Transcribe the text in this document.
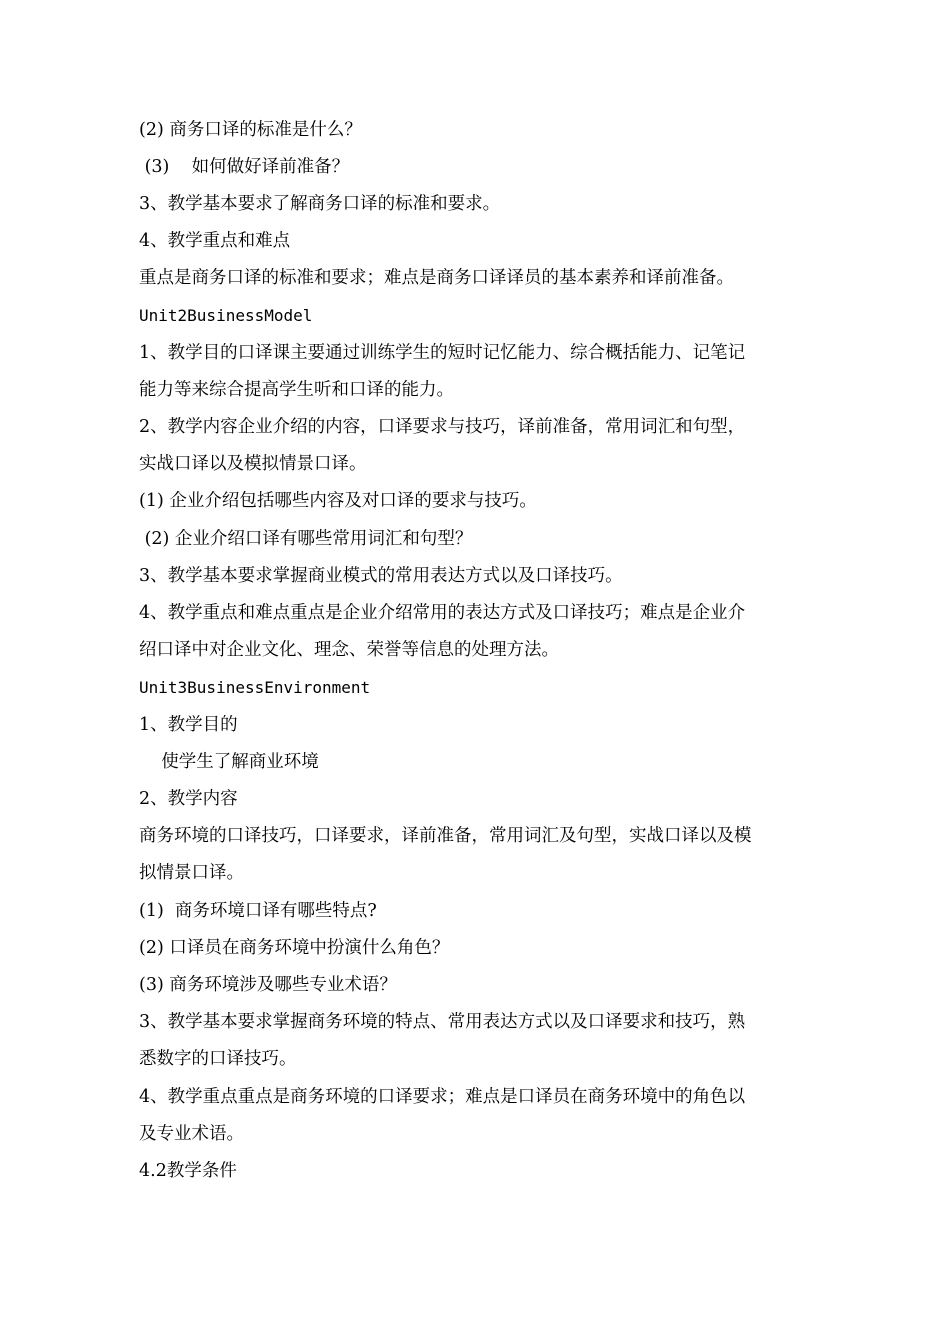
(2) 商务口译的标准是什么？
(3)    如何做好译前准备？
3、教学基本要求了解商务口译的标准和要求。
4、教学重点和难点
重点是商务口译的标准和要求；难点是商务口译译员的基本素养和译前准备。
Unit2BusinessModel
1、教学目的口译课主要通过训练学生的短时记忆能力、综合概括能力、记笔记
能力等来综合提高学生听和口译的能力。
2、教学内容企业介绍的内容，口译要求与技巧，译前准备，常用词汇和句型，
实战口译以及模拟情景口译。
(1) 企业介绍包括哪些内容及对口译的要求与技巧。
(2) 企业介绍口译有哪些常用词汇和句型？
3、教学基本要求掌握商业模式的常用表达方式以及口译技巧。
4、教学重点和难点重点是企业介绍常用的表达方式及口译技巧；难点是企业介
绍口译中对企业文化、理念、荣誉等信息的处理方法。
Unit3BusinessEnvironment
1、教学目的
使学生了解商业环境
2、教学内容
商务环境的口译技巧，口译要求，译前准备，常用词汇及句型，实战口译以及模
拟情景口译。
(1)  商务环境口译有哪些特点?
(2) 口译员在商务环境中扮演什么角色？
(3) 商务环境涉及哪些专业术语？
3、教学基本要求掌握商务环境的特点、常用表达方式以及口译要求和技巧，熟
悉数字的口译技巧。
4、教学重点重点是商务环境的口译要求；难点是口译员在商务环境中的角色以
及专业术语。
4.2教学条件
